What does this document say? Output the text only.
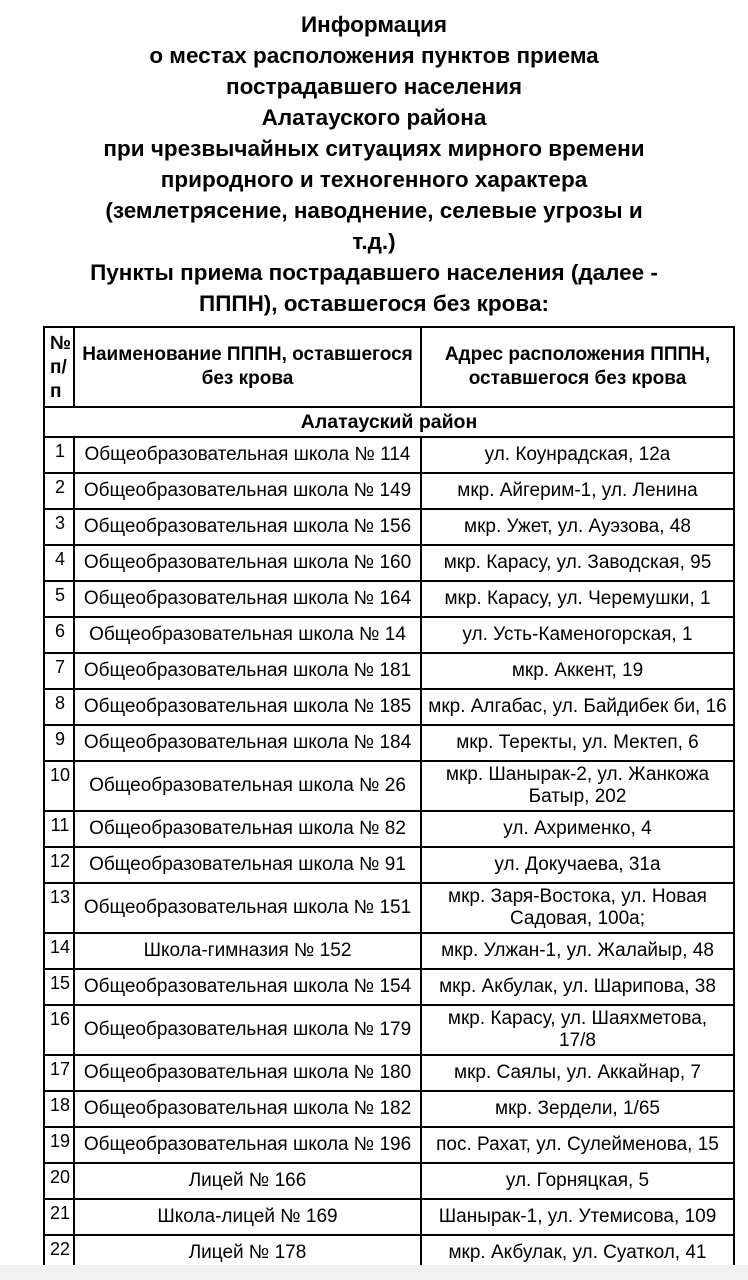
Информация
о местах расположения пунктов приема
пострадавшего населения
Алатауского района
при чрезвычайных ситуациях мирного времени
природного и техногенного характера
(землетрясение, наводнение, селевые угрозы и
т.д.)
Пункты приема пострадавшего населения (далее -
ПППН), оставшегося без крова:
№ п/п	Наименование ПППН, оставшегося без крова	Адрес расположения ПППН, оставшегося без крова
Алатауский район		
1	Общеобразовательная школа № 114	ул. Коунрадская, 12а
2	Общеобразовательная школа № 149	мкр. Айгерим-1, ул. Ленина
3	Общеобразовательная школа № 156	мкр. Ужет, ул. Ауэзова, 48
4	Общеобразовательная школа № 160	мкр. Карасу, ул. Заводская, 95
5	Общеобразовательная школа № 164	мкр. Карасу, ул. Черемушки, 1
6	Общеобразовательная школа № 14	ул. Усть-Каменогорская, 1
7	Общеобразовательная школа № 181	мкр. Аккент, 19
8	Общеобразовательная школа № 185	мкр. Алгабас, ул. Байдибек би, 16
9	Общеобразовательная школа № 184	мкр. Теректы, ул. Мектеп, 6
10	Общеобразовательная школа № 26	мкр. Шанырак-2, ул. Жанкожа Батыр, 202
11	Общеобразовательная школа № 82	ул. Ахрименко, 4
12	Общеобразовательная школа № 91	ул. Докучаева, 31а
13	Общеобразовательная школа № 151	мкр. Заря-Востока, ул. Новая Садовая, 100а;
14	Школа-гимназия № 152	мкр. Улжан-1, ул. Жалайыр, 48
15	Общеобразовательная школа № 154	мкр. Акбулак, ул. Шарипова, 38
16	Общеобразовательная школа № 179	мкр. Карасу, ул. Шаяхметова, 17/8
17	Общеобразовательная школа № 180	мкр. Саялы, ул. Аккайнар, 7
18	Общеобразовательная школа № 182	мкр. Зердели, 1/65
19	Общеобразовательная школа № 196	пос. Рахат, ул. Сулейменова, 15
20	Лицей № 166	ул. Горняцкая, 5
21	Школа-лицей № 169	Шанырак-1, ул. Утемисова, 109
22	Лицей № 178	мкр. Акбулак, ул. Суаткол, 41
